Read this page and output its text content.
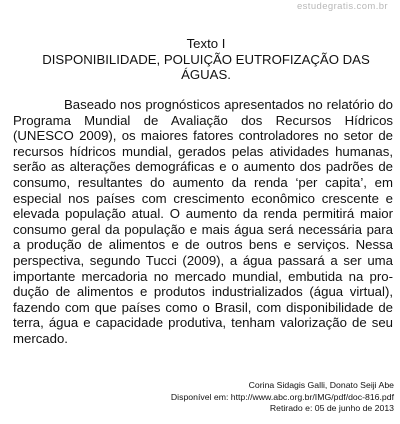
estudegratis.com.br
Texto I
DISPONIBILIDADE, POLUIÇÃO EUTROFIZAÇÃO DAS
ÁGUAS.

Baseado nos prognósticos apresentados no relatório do Programa Mundial de Avaliação dos Recursos Hídricos (UNESCO 2009), os maiores fatores controladores no setor de recursos hídricos mundial, gerados pelas atividades humanas, serão as alterações demográficas e o aumento dos padrões de consumo, resultantes do aumento da renda ‘per capita’, em especial nos países com crescimento econômico crescente e elevada população atual. O aumento da renda permitirá maior consumo geral da população e mais água será necessária para a produção de alimentos e de outros bens e serviços. Nessa perspectiva, segundo Tucci (2009), a água passará a ser uma importante mercadoria no mercado mundial, embutida na produção de alimentos e produtos industrializados (água virtual), fazendo com que países como o Brasil, com disponibilidade de terra, água e capacidade produtiva, tenham valorização de seu mercado.

Corina Sidagis Galli, Donato Seiji Abe
Disponível em: http://www.abc.org.br/IMG/pdf/doc-816.pdf
Retirado e: 05 de junho de 2013
